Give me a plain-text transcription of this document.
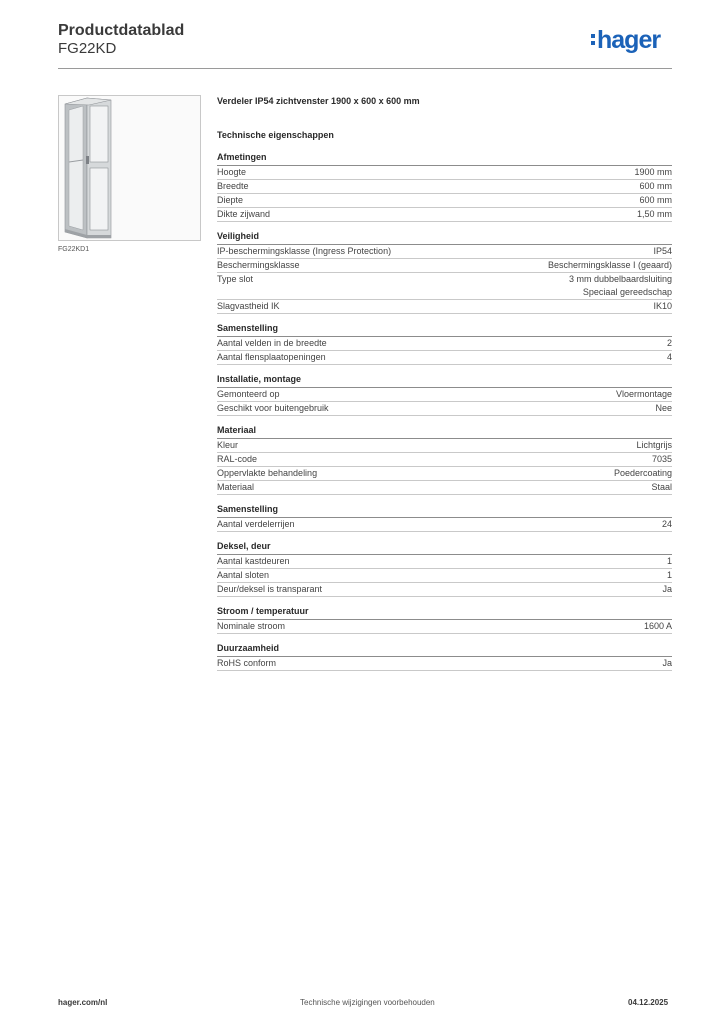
Productdatablad
FG22KD	hager
FG22KD1
Verdeler IP54 zichtvenster 1900 x 600 x 600 mm
Technische eigenschappen
Afmetingen
Hoogte	1900 mm
Breedte	600 mm
Diepte	600 mm
Dikte zijwand	1,50 mm
Veiligheid
IP-beschermingsklasse (Ingress Protection)	IP54
Beschermingsklasse	Beschermingsklasse I (geaard)
Type slot	3 mm dubbelbaardsluiting
Speciaal gereedschap
Slagvastheid IK	IK10
Samenstelling
Aantal velden in de breedte	2
Aantal flensplaatopeningen	4
Installatie, montage
Gemonteerd op	Vloermontage
Geschikt voor buitengebruik	Nee
Materiaal
Kleur	Lichtgrijs
RAL-code	7035
Oppervlakte behandeling	Poedercoating
Materiaal	Staal
Samenstelling
Aantal verdelerrijen	24
Deksel, deur
Aantal kastdeuren	1
Aantal sloten	1
Deur/deksel is transparant	Ja
Stroom / temperatuur
Nominale stroom	1600 A
Duurzaamheid
RoHS conform	Ja
hager.com/nl	Technische wijzigingen voorbehouden	04.12.2025
